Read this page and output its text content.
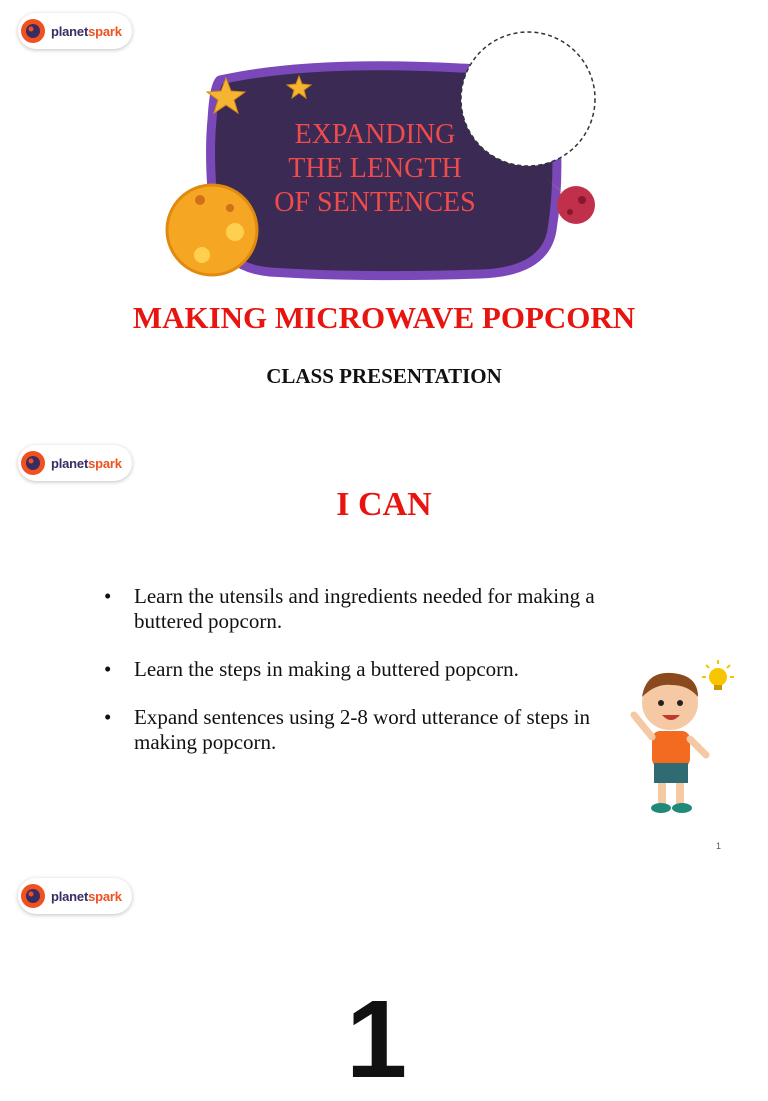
planetspark
EXPANDING
THE LENGTH
OF SENTENCES
MAKING MICROWAVE POPCORN
CLASS PRESENTATION
planetspark
I CAN
• Learn the utensils and ingredients needed for making a buttered popcorn.
• Learn the steps in making a buttered popcorn.
• Expand sentences using 2-8 word utterance of steps in making popcorn.
1
planetspark
1
